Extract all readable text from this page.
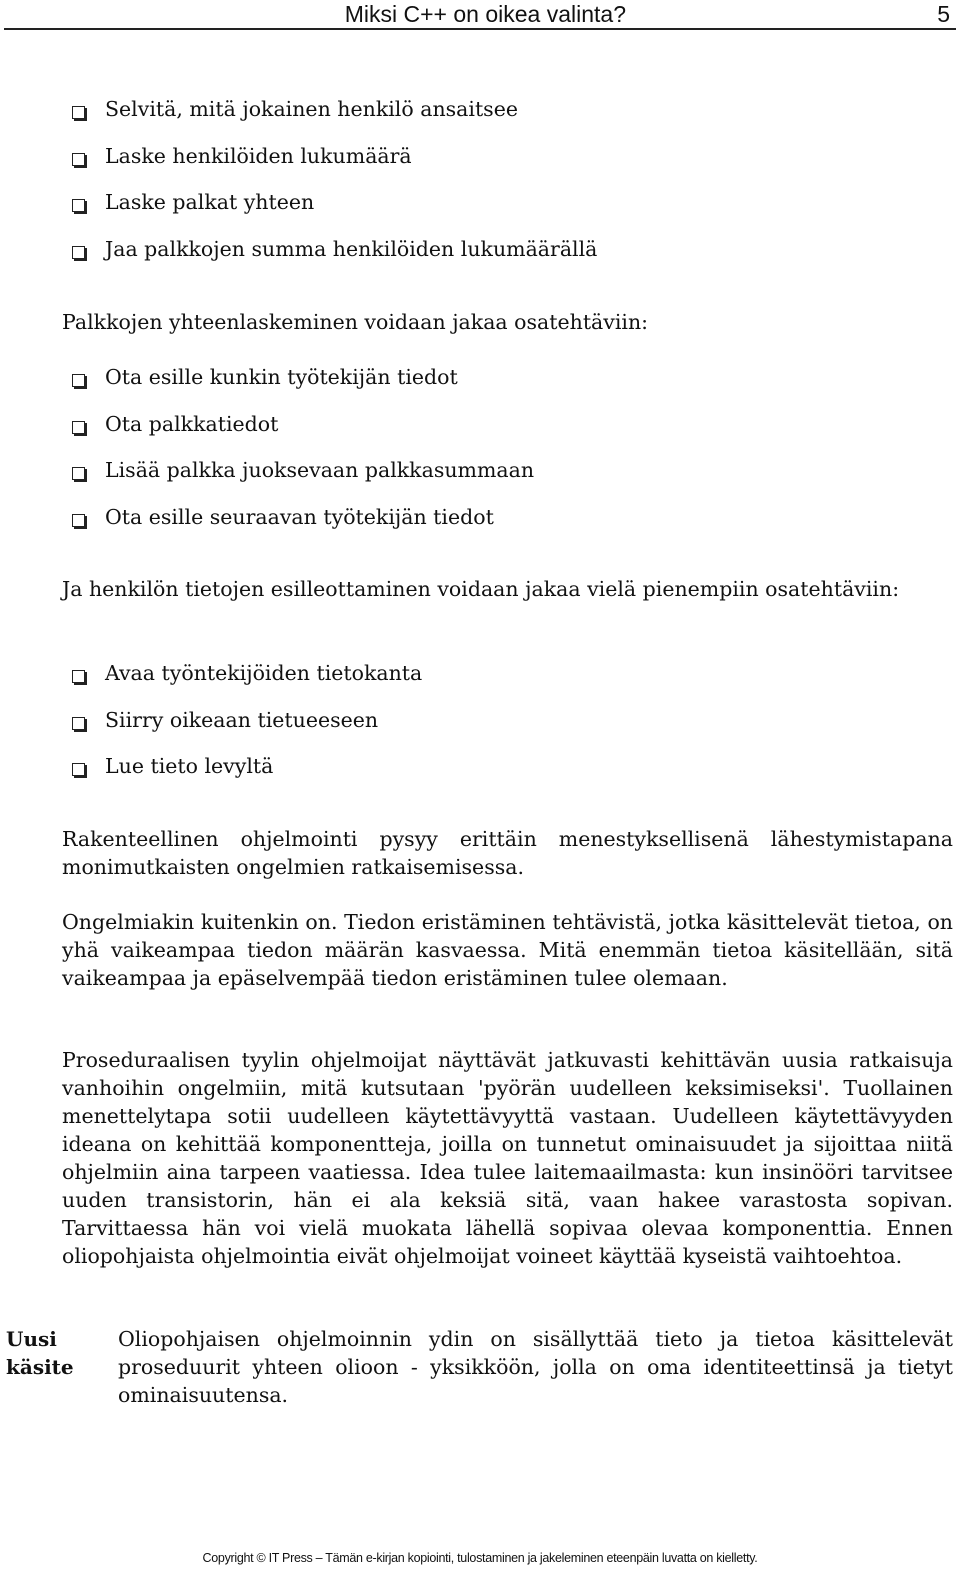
Miksi C++ on oikea valinta?	5
Selvitä, mitä jokainen henkilö ansaitsee
Laske henkilöiden lukumäärä
Laske palkat yhteen
Jaa palkkojen summa henkilöiden lukumäärällä

Palkkojen yhteenlaskeminen voidaan jakaa osatehtäviin:

Ota esille kunkin työtekijän tiedot
Ota palkkatiedot
Lisää palkka juoksevaan palkkasummaan
Ota esille seuraavan työtekijän tiedot

Ja henkilön tietojen esilleottaminen voidaan jakaa vielä pienempiin osatehtäviin:

Avaa työntekijöiden tietokanta
Siirry oikeaan tietueeseen
Lue tieto levyltä

Rakenteellinen ohjelmointi pysyy erittäin menestyksellisenä lähestymistapana monimutkaisten ongelmien ratkaisemisessa.

Ongelmiakin kuitenkin on. Tiedon eristäminen tehtävistä, jotka käsittelevät tietoa, on yhä vaikeampaa tiedon määrän kasvaessa. Mitä enemmän tietoa käsitellään, sitä vaikeampaa ja epäselvempää tiedon eristäminen tulee olemaan.

Proseduraalisen tyylin ohjelmoijat näyttävät jatkuvasti kehittävän uusia ratkaisuja vanhoihin ongelmiin, mitä kutsutaan 'pyörän uudelleen keksimiseksi'. Tuollainen menettelytapa sotii uudelleen käytettävyyttä vastaan. Uudelleen käytettävyyden ideana on kehittää komponentteja, joilla on tunnetut ominaisuudet ja sijoittaa niitä ohjelmiin aina tarpeen vaatiessa. Idea tulee laitemaailmasta: kun insinööri tarvitsee uuden transistorin, hän ei ala keksiä sitä, vaan hakee varastosta sopivan. Tarvittaessa hän voi vielä muokata lähellä sopivaa olevaa komponenttia. Ennen oliopohjaista ohjelmointia eivät ohjelmoijat voineet käyttää kyseistä vaihtoehtoa.

Uusi
käsite

Oliopohjaisen ohjelmoinnin ydin on sisällyttää tieto ja tietoa käsittelevät proseduurit yhteen olioon - yksikköön, jolla on oma identiteettinsä ja tietyt ominaisuutensa.

Copyright © IT Press – Tämän e-kirjan kopiointi, tulostaminen ja jakeleminen eteenpäin luvatta on kielletty.
